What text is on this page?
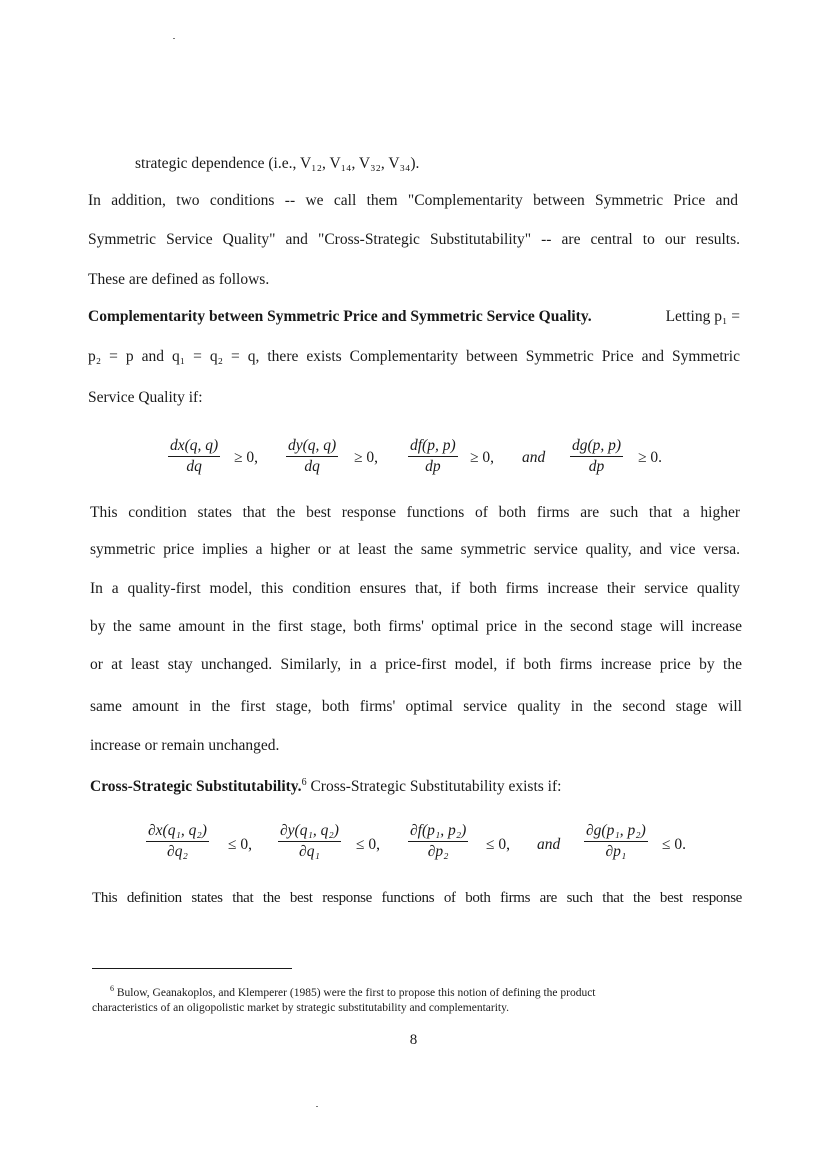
strategic dependence (i.e., V₁₂, V₁₄, V₃₂, V₃₄).
In addition, two conditions -- we call them "Complementarity between Symmetric Price and
Symmetric Service Quality" and "Cross-Strategic Substitutability" -- are central to our results.
These are defined as follows.
Complementarity between Symmetric Price and Symmetric Service Quality.	Letting p₁ =
p₂ = p and q₁ = q₂ = q, there exists Complementarity between Symmetric Price and Symmetric
Service Quality if:
$\frac{dx(q, q)}{dq} \ge 0$, $\frac{dy(q, q)}{dq} \ge 0$, $\frac{df(p, p)}{dp} \ge 0$, and $\frac{dg(p, p)}{dp} \ge 0$.
This condition states that the best response functions of both firms are such that a higher
symmetric price implies a higher or at least the same symmetric service quality, and vice versa.
In a quality-first model, this condition ensures that, if both firms increase their service quality
by the same amount in the first stage, both firms' optimal price in the second stage will increase
or at least stay unchanged. Similarly, in a price-first model, if both firms increase price by the
same amount in the first stage, both firms' optimal service quality in the second stage will
increase or remain unchanged.
Cross-Strategic Substitutability.$^6$ Cross-Strategic Substitutability exists if:
$\frac{\text{∂x(q₁, q₂)}}{\text{∂q₂}} \le 0$, $\frac{\text{∂y(q₁, q₂)}}{\text{∂q₁}} \le 0$, $\frac{\text{∂f(p₁, p₂)}}{\text{∂p₂}} \le 0$, and $\frac{\text{∂g(p₁, p₂)}}{\text{∂p₁}} \le 0$.
This definition states that the best response functions of both firms are such that the best response
$^6$ Bulow, Geanakoplos, and Klemperer (1985) were the first to propose this notion of defining the product
characteristics of an oligopolistic market by strategic substitutability and complementarity.
8
